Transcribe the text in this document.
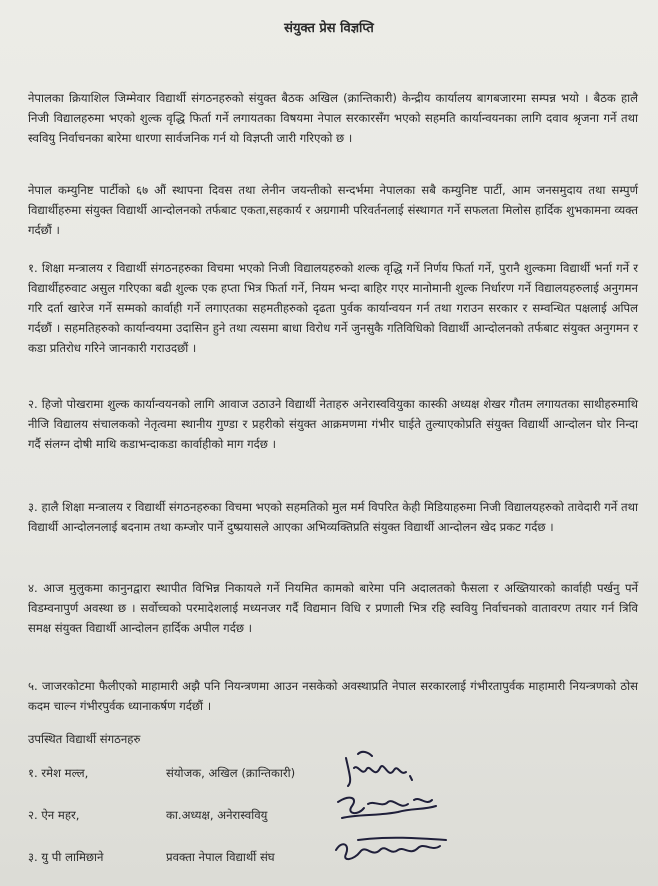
संयुक्त प्रेस विज्ञप्ति
नेपालका क्रियाशिल जिम्मेवार विद्यार्थी संगठनहरुको संयुक्त बैठक अखिल (क्रान्तिकारी) केन्द्रीय कार्यालय बागबजारमा सम्पन्न भयो । बैठक हालै निजी विद्यालहरुमा भएको शुल्क वृद्धि फिर्ता गर्ने लगायतका विषयमा नेपाल सरकारसँग भएको सहमति कार्यान्वयनका लागि दवाव श्रृजना गर्ने तथा स्ववियु निर्वाचनका बारेमा धारणा सार्वजनिक गर्न यो विज्ञप्ती जारी गरिएको छ ।
नेपाल कम्युनिष्ट पार्टीको ६७ औं स्थापना दिवस तथा लेनीन जयन्तीको सन्दर्भमा नेपालका सबै कम्युनिष्ट पार्टी, आम जनसमुदाय तथा सम्पुर्ण विद्यार्थीहरुमा संयुक्त विद्यार्थी आन्दोलनको तर्फबाट एकता,सहकार्य र अग्रगामी परिवर्तनलाई संस्थागत गर्ने सफलता मिलोस हार्दिक शुभकामना व्यक्त गर्दछौं ।
१. शिक्षा मन्त्रालय र विद्यार्थी संगठनहरुका विचमा भएको निजी विद्यालयहरुको शल्क वृद्धि गर्ने निर्णय फिर्ता गर्ने, पुरानै शुल्कमा विद्यार्थी भर्ना गर्ने र विद्यार्थीहरुवाट असुल गरिएका बढी शुल्क एक हप्ता भित्र फिर्ता गर्ने, नियम भन्दा बाहिर गएर मानोमानी शुल्क निर्धारण गर्ने विद्यालयहरुलाई अनुगमन गरि दर्ता खारेज गर्ने सम्मको कार्वाही गर्ने लगाएतका सहमतीहरुको दृढता पुर्वक कार्यान्वयन गर्न तथा गराउन सरकार र सम्वन्धित पक्षलाई अपिल गर्दछौं । सहमतिहरुको कार्यान्वयमा उदासिन हुने तथा त्यसमा बाधा विरोध गर्ने जुनसुकै गतिविधिको विद्यार्थी आन्दोलनको तर्फबाट संयुक्त अनुगमन र कडा प्रतिरोध गरिने जानकारी गराउदछौं ।
२. हिजो पोखरामा शुल्क कार्यान्वयनको लागि आवाज उठाउने विद्यार्थी नेताहरु अनेरास्ववियुका कास्की अध्यक्ष शेखर गौतम लगायतका साथीहरुमाथि नीजि विद्यालय संचालकको नेतृत्वमा स्थानीय गुण्डा र प्रहरीको संयुक्त आक्रमणमा गंभीर घाईते तुल्याएकोप्रति संयुक्त विद्यार्थी आन्दोलन घोर निन्दा गर्दै संलग्न दोषी माथि कडाभन्दाकडा कार्वाहीको माग गर्दछ ।
३. हालै शिक्षा मन्त्रालय र विद्यार्थी संगठनहरुका विचमा भएको सहमतिको मुल मर्म विपरित केही मिडियाहरुमा निजी विद्यालयहरुको तावेदारी गर्ने तथा विद्यार्थी आन्दोलनलाई बदनाम तथा कम्जोर पार्ने दुष्प्रयासले आएका अभिव्यक्तिप्रति संयुक्त विद्यार्थी आन्दोलन खेद प्रकट गर्दछ ।
४. आज मुलुकमा कानुनद्वारा स्थापीत विभिन्न निकायले गर्ने नियमित कामको बारेमा पनि अदालतको फैसला र अख्तियारको कार्वाही पर्खनु पर्ने विडम्वनापुर्ण अवस्था छ । सर्वोच्चको परमादेशलाई मध्यनजर गर्दै विद्यमान विधि र प्रणाली भित्र रहि स्ववियु निर्वाचनको वातावरण तयार गर्न त्रिवि समक्ष संयुक्त विद्यार्थी आन्दोलन हार्दिक अपील गर्दछ ।
५. जाजरकोटमा फैलीएको माहामारी अझै पनि नियन्त्रणमा आउन नसकेको अवस्थाप्रति नेपाल सरकारलाई गंभीरतापुर्वक माहामारी नियन्त्रणको ठोस कदम चाल्न गंभीरपुर्वक ध्यानाकर्षण गर्दछौं ।
उपस्थित विद्यार्थी संगठनहरु
१. रमेश मल्ल,	संयोजक, अखिल (क्रान्तिकारी)
२. ऐन महर,	का.अध्यक्ष, अनेरास्ववियु
३. यु पी लामिछाने	प्रवक्ता नेपाल विद्यार्थी संघ
